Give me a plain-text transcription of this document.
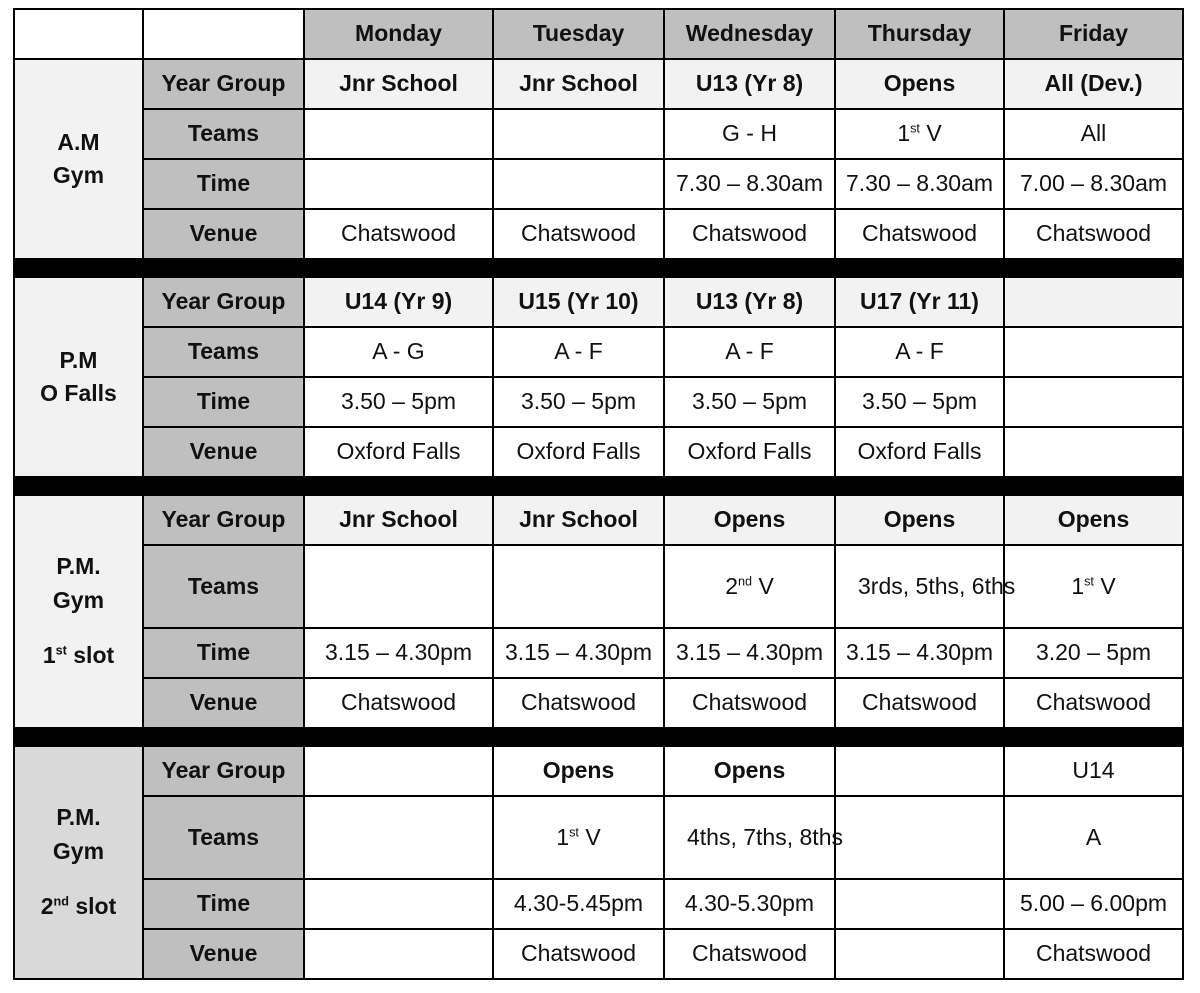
		Monday	Tuesday	Wednesday	Thursday	Friday

A.M
Gym	Year Group	Jnr School	Jnr School	U13 (Yr 8)	Opens	All (Dev.)
	Teams			G - H	1st V	All
	Time			7.30 – 8.30am	7.30 – 8.30am	7.00 – 8.30am
	Venue	Chatswood	Chatswood	Chatswood	Chatswood	Chatswood

P.M
O Falls	Year Group	U14 (Yr 9)	U15 (Yr 10)	U13 (Yr 8)	U17 (Yr 11)	
	Teams	A - G	A - F	A - F	A - F	
	Time	3.50 – 5pm	3.50 – 5pm	3.50 – 5pm	3.50 – 5pm	
	Venue	Oxford Falls	Oxford Falls	Oxford Falls	Oxford Falls	

P.M.
Gym
1st slot	Year Group	Jnr School	Jnr School	Opens	Opens	Opens
	Teams			2nd V	3rds, 5ths, 6ths	1st V
	Time	3.15 – 4.30pm	3.15 – 4.30pm	3.15 – 4.30pm	3.15 – 4.30pm	3.20 – 5pm
	Venue	Chatswood	Chatswood	Chatswood	Chatswood	Chatswood

P.M.
Gym
2nd slot	Year Group		Opens	Opens		U14
	Teams		1st V	4ths, 7ths, 8ths		A
	Time		4.30-5.45pm	4.30-5.30pm		5.00 – 6.00pm
	Venue		Chatswood	Chatswood		Chatswood
